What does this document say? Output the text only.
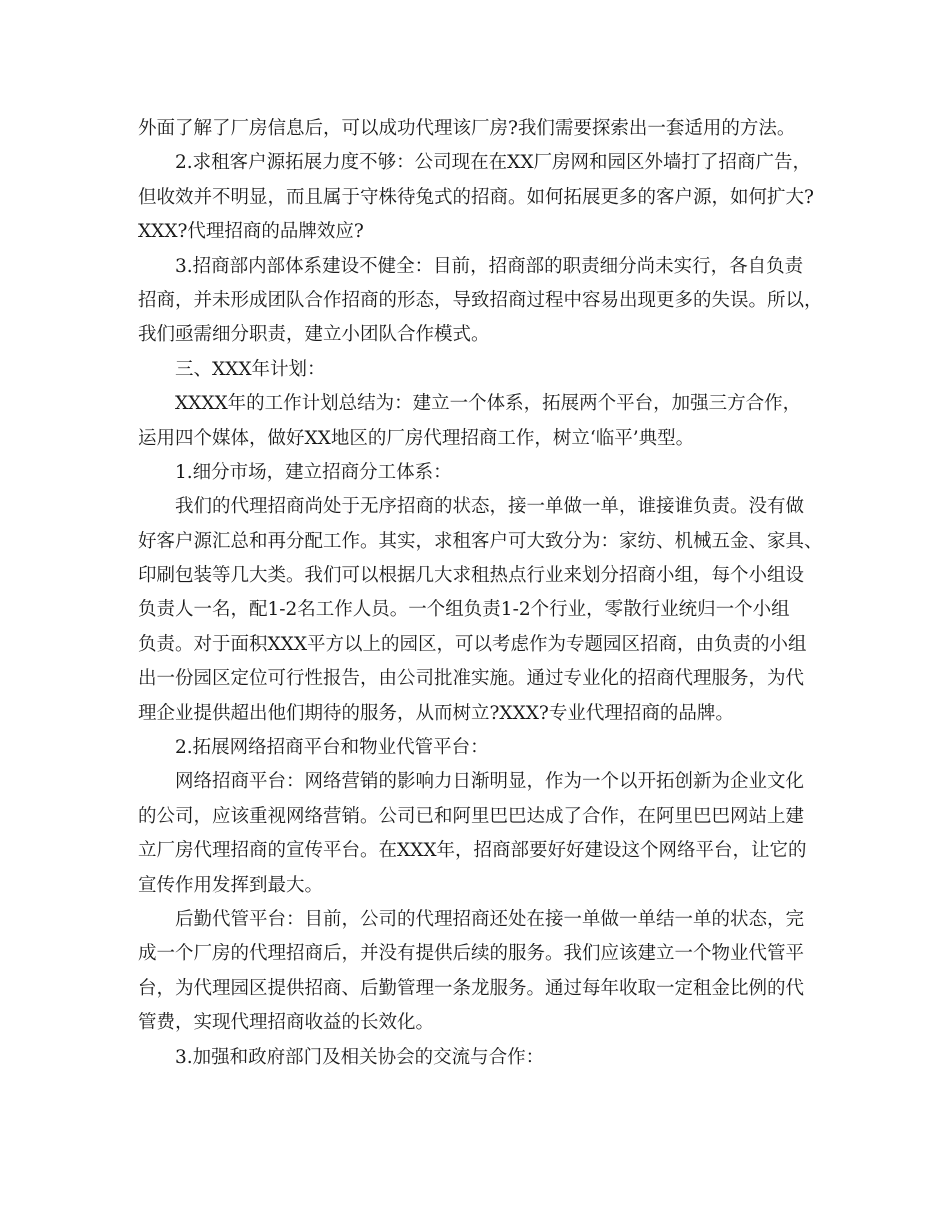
外面了解了厂房信息后，可以成功代理该厂房?我们需要探索出一套适用的方法。
2.求租客户源拓展力度不够：公司现在在XX厂房网和园区外墙打了招商广告，
但收效并不明显，而且属于守株待兔式的招商。如何拓展更多的客户源，如何扩大?
XXX?代理招商的品牌效应?
3.招商部内部体系建设不健全：目前，招商部的职责细分尚未实行，各自负责
招商，并未形成团队合作招商的形态，导致招商过程中容易出现更多的失误。所以，
我们亟需细分职责，建立小团队合作模式。
三、XXX年计划：
XXXX年的工作计划总结为：建立一个体系，拓展两个平台，加强三方合作，
运用四个媒体，做好XX地区的厂房代理招商工作，树立‘临平’典型。
1.细分市场，建立招商分工体系：
我们的代理招商尚处于无序招商的状态，接一单做一单，谁接谁负责。没有做
好客户源汇总和再分配工作。其实，求租客户可大致分为：家纺、机械五金、家具、
印刷包装等几大类。我们可以根据几大求租热点行业来划分招商小组，每个小组设
负责人一名，配1-2名工作人员。一个组负责1-2个行业，零散行业统归一个小组
负责。对于面积XXX平方以上的园区，可以考虑作为专题园区招商，由负责的小组
出一份园区定位可行性报告，由公司批准实施。通过专业化的招商代理服务，为代
理企业提供超出他们期待的服务，从而树立?XXX?专业代理招商的品牌。
2.拓展网络招商平台和物业代管平台：
网络招商平台：网络营销的影响力日渐明显，作为一个以开拓创新为企业文化
的公司，应该重视网络营销。公司已和阿里巴巴达成了合作，在阿里巴巴网站上建
立厂房代理招商的宣传平台。在XXX年，招商部要好好建设这个网络平台，让它的
宣传作用发挥到最大。
后勤代管平台：目前，公司的代理招商还处在接一单做一单结一单的状态，完
成一个厂房的代理招商后，并没有提供后续的服务。我们应该建立一个物业代管平
台，为代理园区提供招商、后勤管理一条龙服务。通过每年收取一定租金比例的代
管费，实现代理招商收益的长效化。
3.加强和政府部门及相关协会的交流与合作：
